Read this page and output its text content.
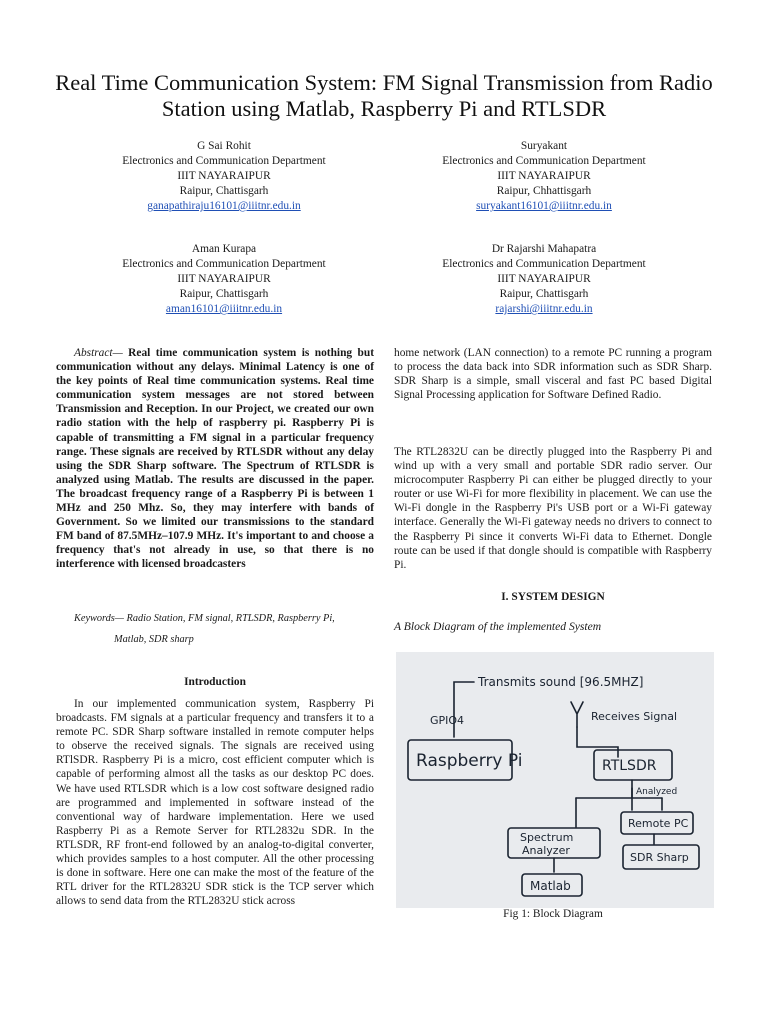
Real Time Communication System: FM Signal Transmission from Radio Station using Matlab, Raspberry Pi and RTLSDR
G Sai Rohit
Electronics and Communication Department
IIIT NAYARAIPUR
Raipur, Chattisgarh
ganapathiraju16101@iiitnr.edu.in
Suryakant
Electronics and Communication Department
IIIT NAYARAIPUR
Raipur, Chhattisgarh
suryakant16101@iiitnr.edu.in
Aman Kurapa
Electronics and Communication Department
IIIT NAYARAIPUR
Raipur, Chattisgarh
aman16101@iiitnr.edu.in
Dr Rajarshi Mahapatra
Electronics and Communication Department
IIIT NAYARAIPUR
Raipur, Chattisgarh
rajarshi@iiitnr.edu.in

Abstract— Real time communication system is nothing but communication without any delays. Minimal Latency is one of the key points of Real time communication systems. Real time communication system messages are not stored between Transmission and Reception. In our Project, we created our own radio station with the help of raspberry pi. Raspberry Pi is capable of transmitting a FM signal in a particular frequency range. These signals are received by RTLSDR without any delay using the SDR Sharp software. The Spectrum of RTLSDR is analyzed using Matlab. The results are discussed in the paper. The broadcast frequency range of a Raspberry Pi is between 1 MHz and 250 Mhz. So, they may interfere with bands of Government. So we limited our transmissions to the standard FM band of 87.5MHz–107.9 MHz. It's important to and choose a frequency that's not already in use, so that there is no interference with licensed broadcasters

Keywords— Radio Station, FM signal, RTLSDR, Raspberry Pi,

Matlab, SDR sharp

Introduction

In our implemented communication system, Raspberry Pi broadcasts. FM signals at a particular frequency and transfers it to a remote PC. SDR Sharp software installed in remote computer helps to observe the received signals. The signals are received using RTlSDR. Raspberry Pi is a micro, cost efficient computer which is capable of performing almost all the tasks as our desktop PC does. We have used RTLSDR which is a low cost software designed radio are programmed and implemented in software instead of the conventional way of hardware implementation. Here we used Raspberry Pi as a Remote Server for RTL2832u SDR. In the RTLSDR, RF front-end followed by an analog-to-digital converter, which provides samples to a host computer. All the other processing is done in software. Here one can make the most of the feature of the RTL driver for the RTL2832U SDR stick is the TCP server which allows to send data from the RTL2832U stick across

home network (LAN connection) to a remote PC running a program to process the data back into SDR information such as SDR Sharp. SDR Sharp is a simple, small visceral and fast PC based Digital Signal Processing application for Software Defined Radio.

The RTL2832U can be directly plugged into the Raspberry Pi and wind up with a very small and portable SDR radio server. Our microcomputer Raspberry Pi can either be plugged directly to your router or use Wi-Fi for more flexibility in placement. We can use the Wi-Fi dongle in the Raspberry Pi's USB port or a Wi-Fi gateway interface. Generally the Wi-Fi gateway needs no drivers to connect to the Raspberry Pi since it converts Wi-Fi data to Ethernet. Dongle route can be used if that dongle should is compatible with Raspberry Pi.

I. SYSTEM DESIGN

A Block Diagram of the implemented System

Transmits sound [96.5MHZ]
GPIO4	Receives Signal
Raspberry Pi	RTLSDR
Analyzed
Remote PC
SDR Sharp
Spectrum
Analyzer
Matlab
Fig 1: Block Diagram
